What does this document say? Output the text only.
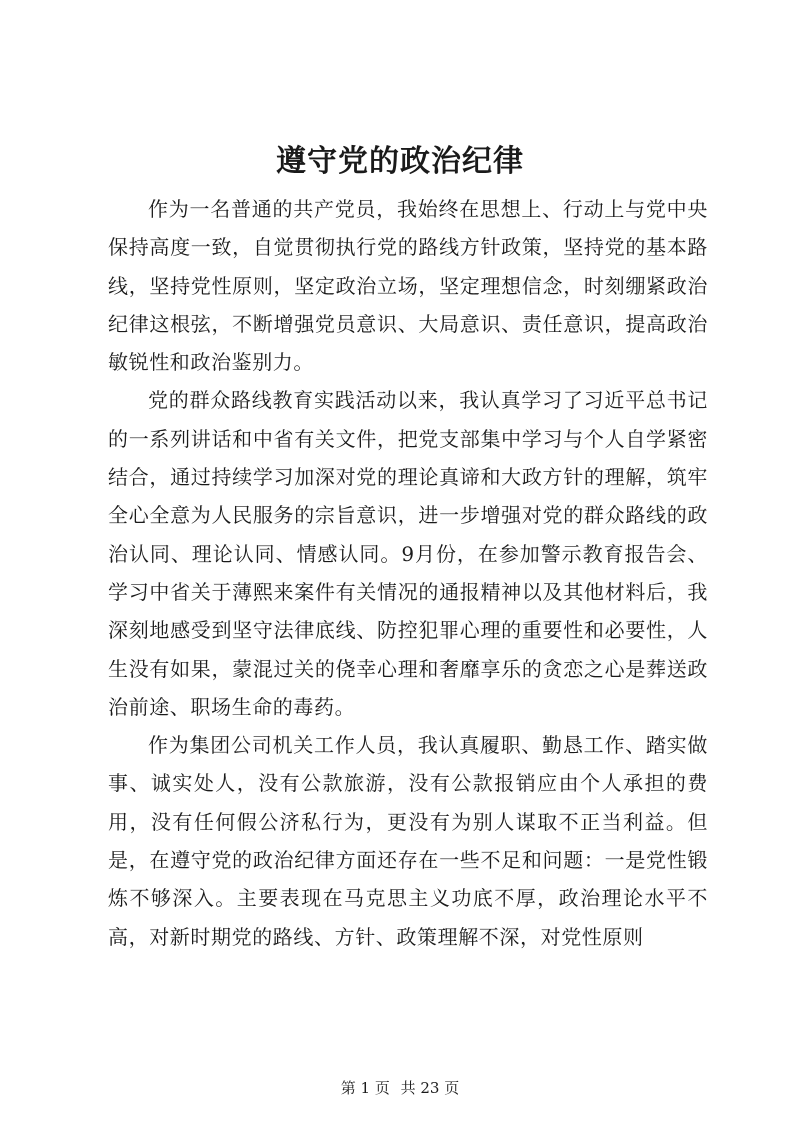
遵守党的政治纪律

作为一名普通的共产党员，我始终在思想上、行动上与党中央保持高度一致，自觉贯彻执行党的路线方针政策，坚持党的基本路线，坚持党性原则，坚定政治立场，坚定理想信念，时刻绷紧政治纪律这根弦，不断增强党员意识、大局意识、责任意识，提高政治敏锐性和政治鉴别力。

党的群众路线教育实践活动以来，我认真学习了习近平总书记的一系列讲话和中省有关文件，把党支部集中学习与个人自学紧密结合，通过持续学习加深对党的理论真谛和大政方针的理解，筑牢全心全意为人民服务的宗旨意识，进一步增强对党的群众路线的政治认同、理论认同、情感认同。9月份，在参加警示教育报告会、学习中省关于薄熙来案件有关情况的通报精神以及其他材料后，我深刻地感受到坚守法律底线、防控犯罪心理的重要性和必要性，人生没有如果，蒙混过关的侥幸心理和奢靡享乐的贪恋之心是葬送政治前途、职场生命的毒药。

作为集团公司机关工作人员，我认真履职、勤恳工作、踏实做事、诚实处人，没有公款旅游，没有公款报销应由个人承担的费用，没有任何假公济私行为，更没有为别人谋取不正当利益。但是，在遵守党的政治纪律方面还存在一些不足和问题：一是党性锻炼不够深入。主要表现在马克思主义功底不厚，政治理论水平不高，对新时期党的路线、方针、政策理解不深，对党性原则

第 1 页 共 23 页
